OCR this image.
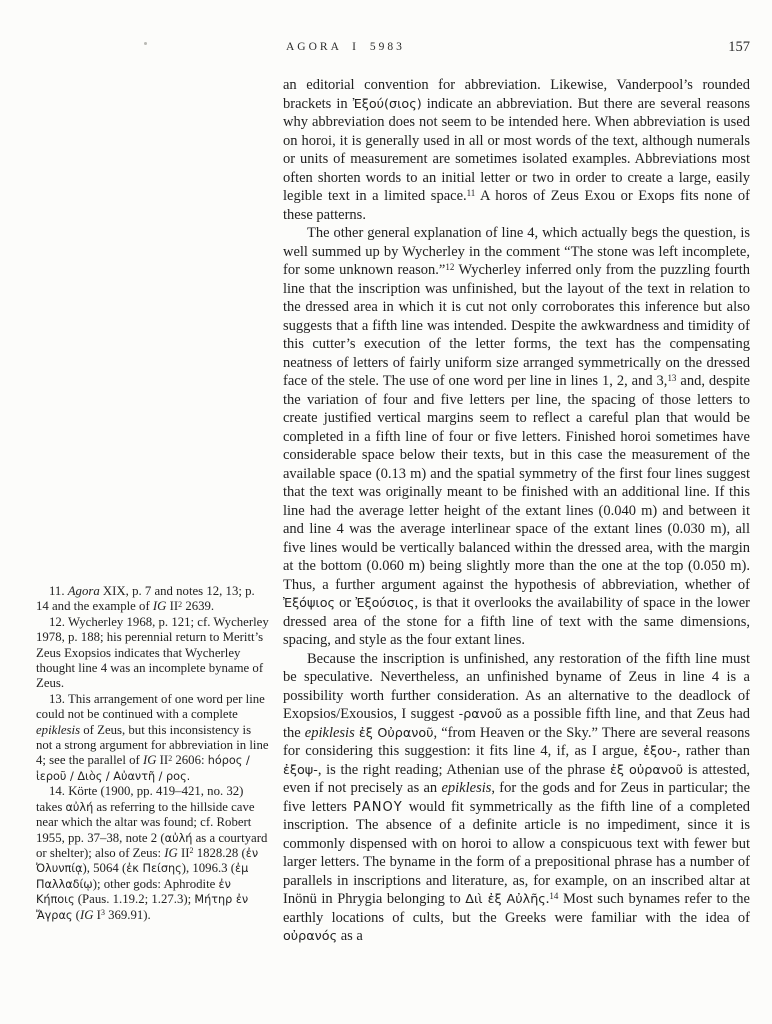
AGORA I 5983	157

an editorial convention for abbreviation. Likewise, Vanderpool’s rounded brackets in Ἐξού(σιος) indicate an abbreviation. But there are several reasons why abbreviation does not seem to be intended here. When abbreviation is used on horoi, it is generally used in all or most words of the text, although numerals or units of measurement are sometimes isolated examples. Abbreviations most often shorten words to an initial letter or two in order to create a large, easily legible text in a limited space.$^{11}$ A horos of Zeus Exou or Exops fits none of these patterns.

The other general explanation of line 4, which actually begs the question, is well summed up by Wycherley in the comment “The stone was left incomplete, for some unknown reason.”$^{12}$ Wycherley inferred only from the puzzling fourth line that the inscription was unfinished, but the layout of the text in relation to the dressed area in which it is cut not only corroborates this inference but also suggests that a fifth line was intended. Despite the awkwardness and timidity of this cutter’s execution of the letter forms, the text has the compensating neatness of letters of fairly uniform size arranged symmetrically on the dressed face of the stele. The use of one word per line in lines 1, 2, and 3,13 and, despite the variation of four and five letters per line, the spacing of those letters to create justified vertical margins seem to reflect a careful plan that would be completed in a fifth line of four or five letters. Finished horoi sometimes have considerable space below their texts, but in this case the measurement of the available space (0.13 m) and the spatial symmetry of the first four lines suggest that the text was originally meant to be finished with an additional line. If this line had the average letter height of the extant lines (0.040 m) and between it and line 4 was the average interlinear space of the extant lines (0.030 m), all five lines would be vertically balanced within the dressed area, with the margin at the bottom (0.060 m) being slightly more than the one at the top (0.050 m). Thus, a further argument against the hypothesis of abbreviation, whether of Ἐξόψιος or Ἐξούσιος, is that it overlooks the availability of space in the lower dressed area of the stone for a fifth line of text with the same dimensions, spacing, and style as the four extant lines.

Because the inscription is unfinished, any restoration of the fifth line must be speculative. Nevertheless, an unfinished byname of Zeus in line 4 is a possibility worth further consideration. As an alternative to the deadlock of Exopsios/Exousios, I suggest -ρανοῦ as a possible fifth line, and that Zeus had the epiklesis ἐξ Οὐρανοῦ, “from Heaven or the Sky.” There are several reasons for considering this suggestion: it fits line 4, if, as I argue, ἐξου-, rather than ἐξοψ-, is the right reading; Athenian use of the phrase ἐξ οὐρανοῦ is attested, even if not precisely as an epiklesis, for the gods and for Zeus in particular; the five letters ΡΑΝΟΥ would fit symmetrically as the fifth line of a completed inscription. The absence of a definite article is no impediment, since it is commonly dispensed with on horoi to allow a conspicuous text with fewer but larger letters. The byname in the form of a prepositional phrase has a number of parallels in inscriptions and literature, as, for example, on an inscribed altar at Inönü in Phrygia belonging to Διὶ ἐξ Αὐλῆς.$^{14}$ Most such bynames refer to the earthly locations of cults, but the Greeks were familiar with the idea of οὐρανός as a

11. Agora XIX, p. 7 and notes 12, 13; p. 14 and the example of IG $II^2$ 2639.

12. Wycherley 1968, p. 121; cf. Wycherley 1978, p. 188; his perennial return to Meritt’s Zeus Exopsios indicates that Wycherley thought line 4 was an incomplete byname of Zeus.

13. This arrangement of one word per line could not be continued with a complete epiklesis of Zeus, but this inconsistency is not a strong argument for abbreviation in line 4; see the parallel of IG $II^2$ 2606: hόρος / ἱεροῦ / Διὸς / Αὐαντῆ / ρος.

14. Körte (1900, pp. 419–421, no. 32) takes αὐλή as referring to the hillside cave near which the altar was found; cf. Robert 1955, pp. 37–38, note 2 (αὐλή as a courtyard or shelter); also of Zeus: IG $II^2$ 1828.28 (ἐν Ὀλυνπίᾳ), 5064 (ἐκ Πείσης), 1096.3 (ἐμ Παλλαδίῳ); other gods: Aphrodite ἐν Κήποις (Paus. 1.19.2; 1.27.3); Μήτηρ ἐν Ἄγρας (IG $I^3$ 369.91).
